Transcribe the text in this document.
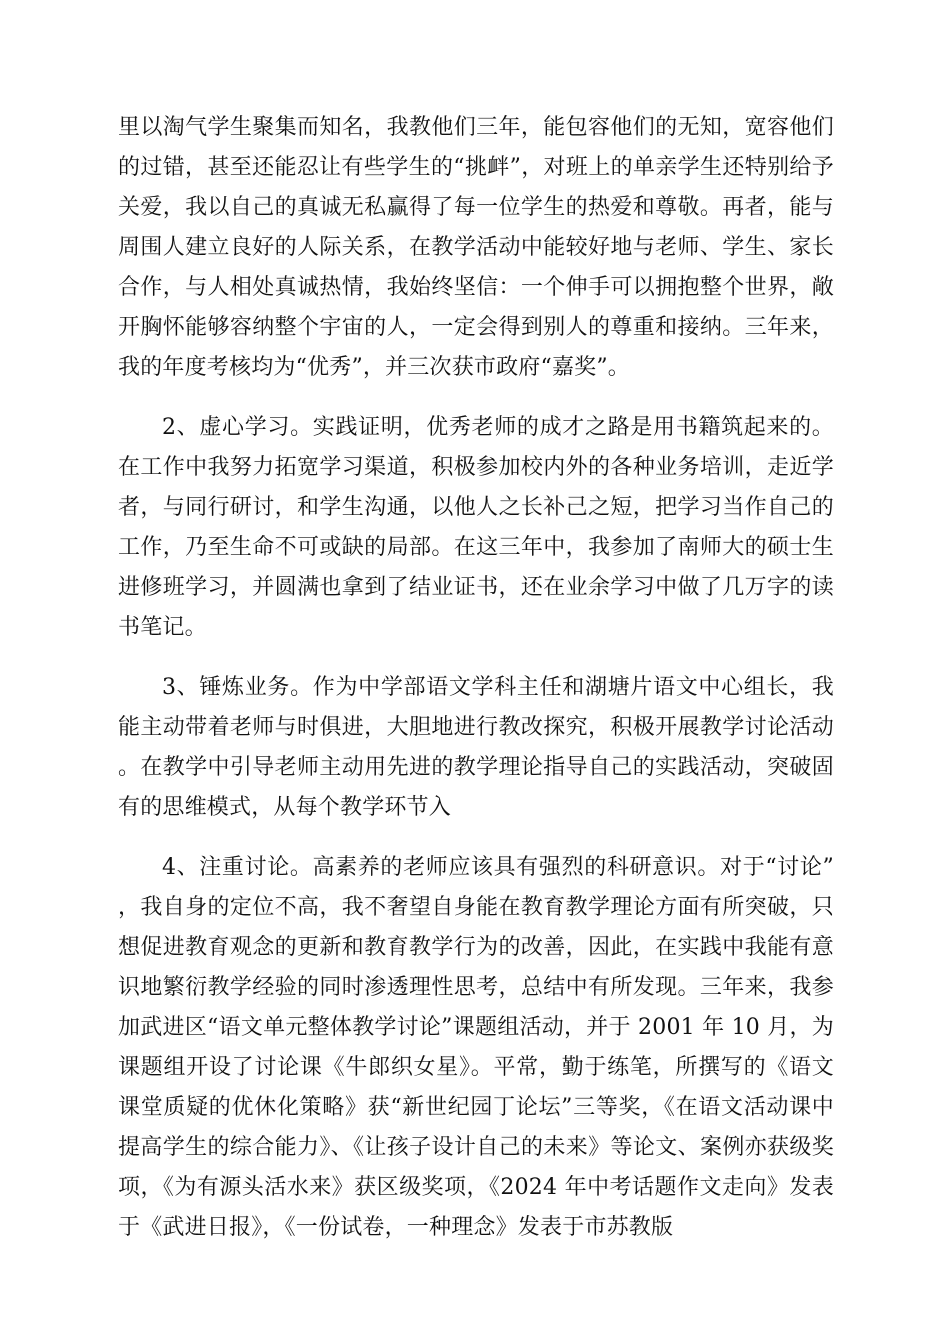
里以淘气学生聚集而知名，我教他们三年，能包容他们的无知，宽容他们的过错，甚至还能忍让有些学生的“挑衅”，对班上的单亲学生还特别给予关爱，我以自己的真诚无私赢得了每一位学生的热爱和尊敬。再者，能与周围人建立良好的人际关系，在教学活动中能较好地与老师、学生、家长合作，与人相处真诚热情，我始终坚信：一个伸手可以拥抱整个世界，敞开胸怀能够容纳整个宇宙的人，一定会得到别人的尊重和接纳。三年来，我的年度考核均为“优秀”，并三次获市政府“嘉奖”。

2、虚心学习。实践证明，优秀老师的成才之路是用书籍筑起来的。在工作中我努力拓宽学习渠道，积极参加校内外的各种业务培训，走近学者，与同行研讨，和学生沟通，以他人之长补己之短，把学习当作自己的工作，乃至生命不可或缺的局部。在这三年中，我参加了南师大的硕士生进修班学习，并圆满也拿到了结业证书，还在业余学习中做了几万字的读书笔记。

3、锤炼业务。作为中学部语文学科主任和湖塘片语文中心组长，我能主动带着老师与时俱进，大胆地进行教改探究，积极开展教学讨论活动。在教学中引导老师主动用先进的教学理论指导自己的实践活动，突破固有的思维模式，从每个教学环节入

4、注重讨论。高素养的老师应该具有强烈的科研意识。对于“讨论”，我自身的定位不高，我不奢望自身能在教育教学理论方面有所突破，只想促进教育观念的更新和教育教学行为的改善，因此，在实践中我能有意识地繁衍教学经验的同时渗透理性思考，总结中有所发现。三年来，我参加武进区“语文单元整体教学讨论”课题组活动，并于 2001 年 10 月，为课题组开设了讨论课《牛郎织女星》。平常，勤于练笔，所撰写的《语文课堂质疑的优休化策略》获“新世纪园丁论坛”三等奖，《在语文活动课中提高学生的综合能力》、《让孩子设计自己的未来》等论文、案例亦获级奖项，《为有源头活水来》获区级奖项，《2024 年中考话题作文走向》发表于《武进日报》，《一份试卷，一种理念》发表于市苏教版
